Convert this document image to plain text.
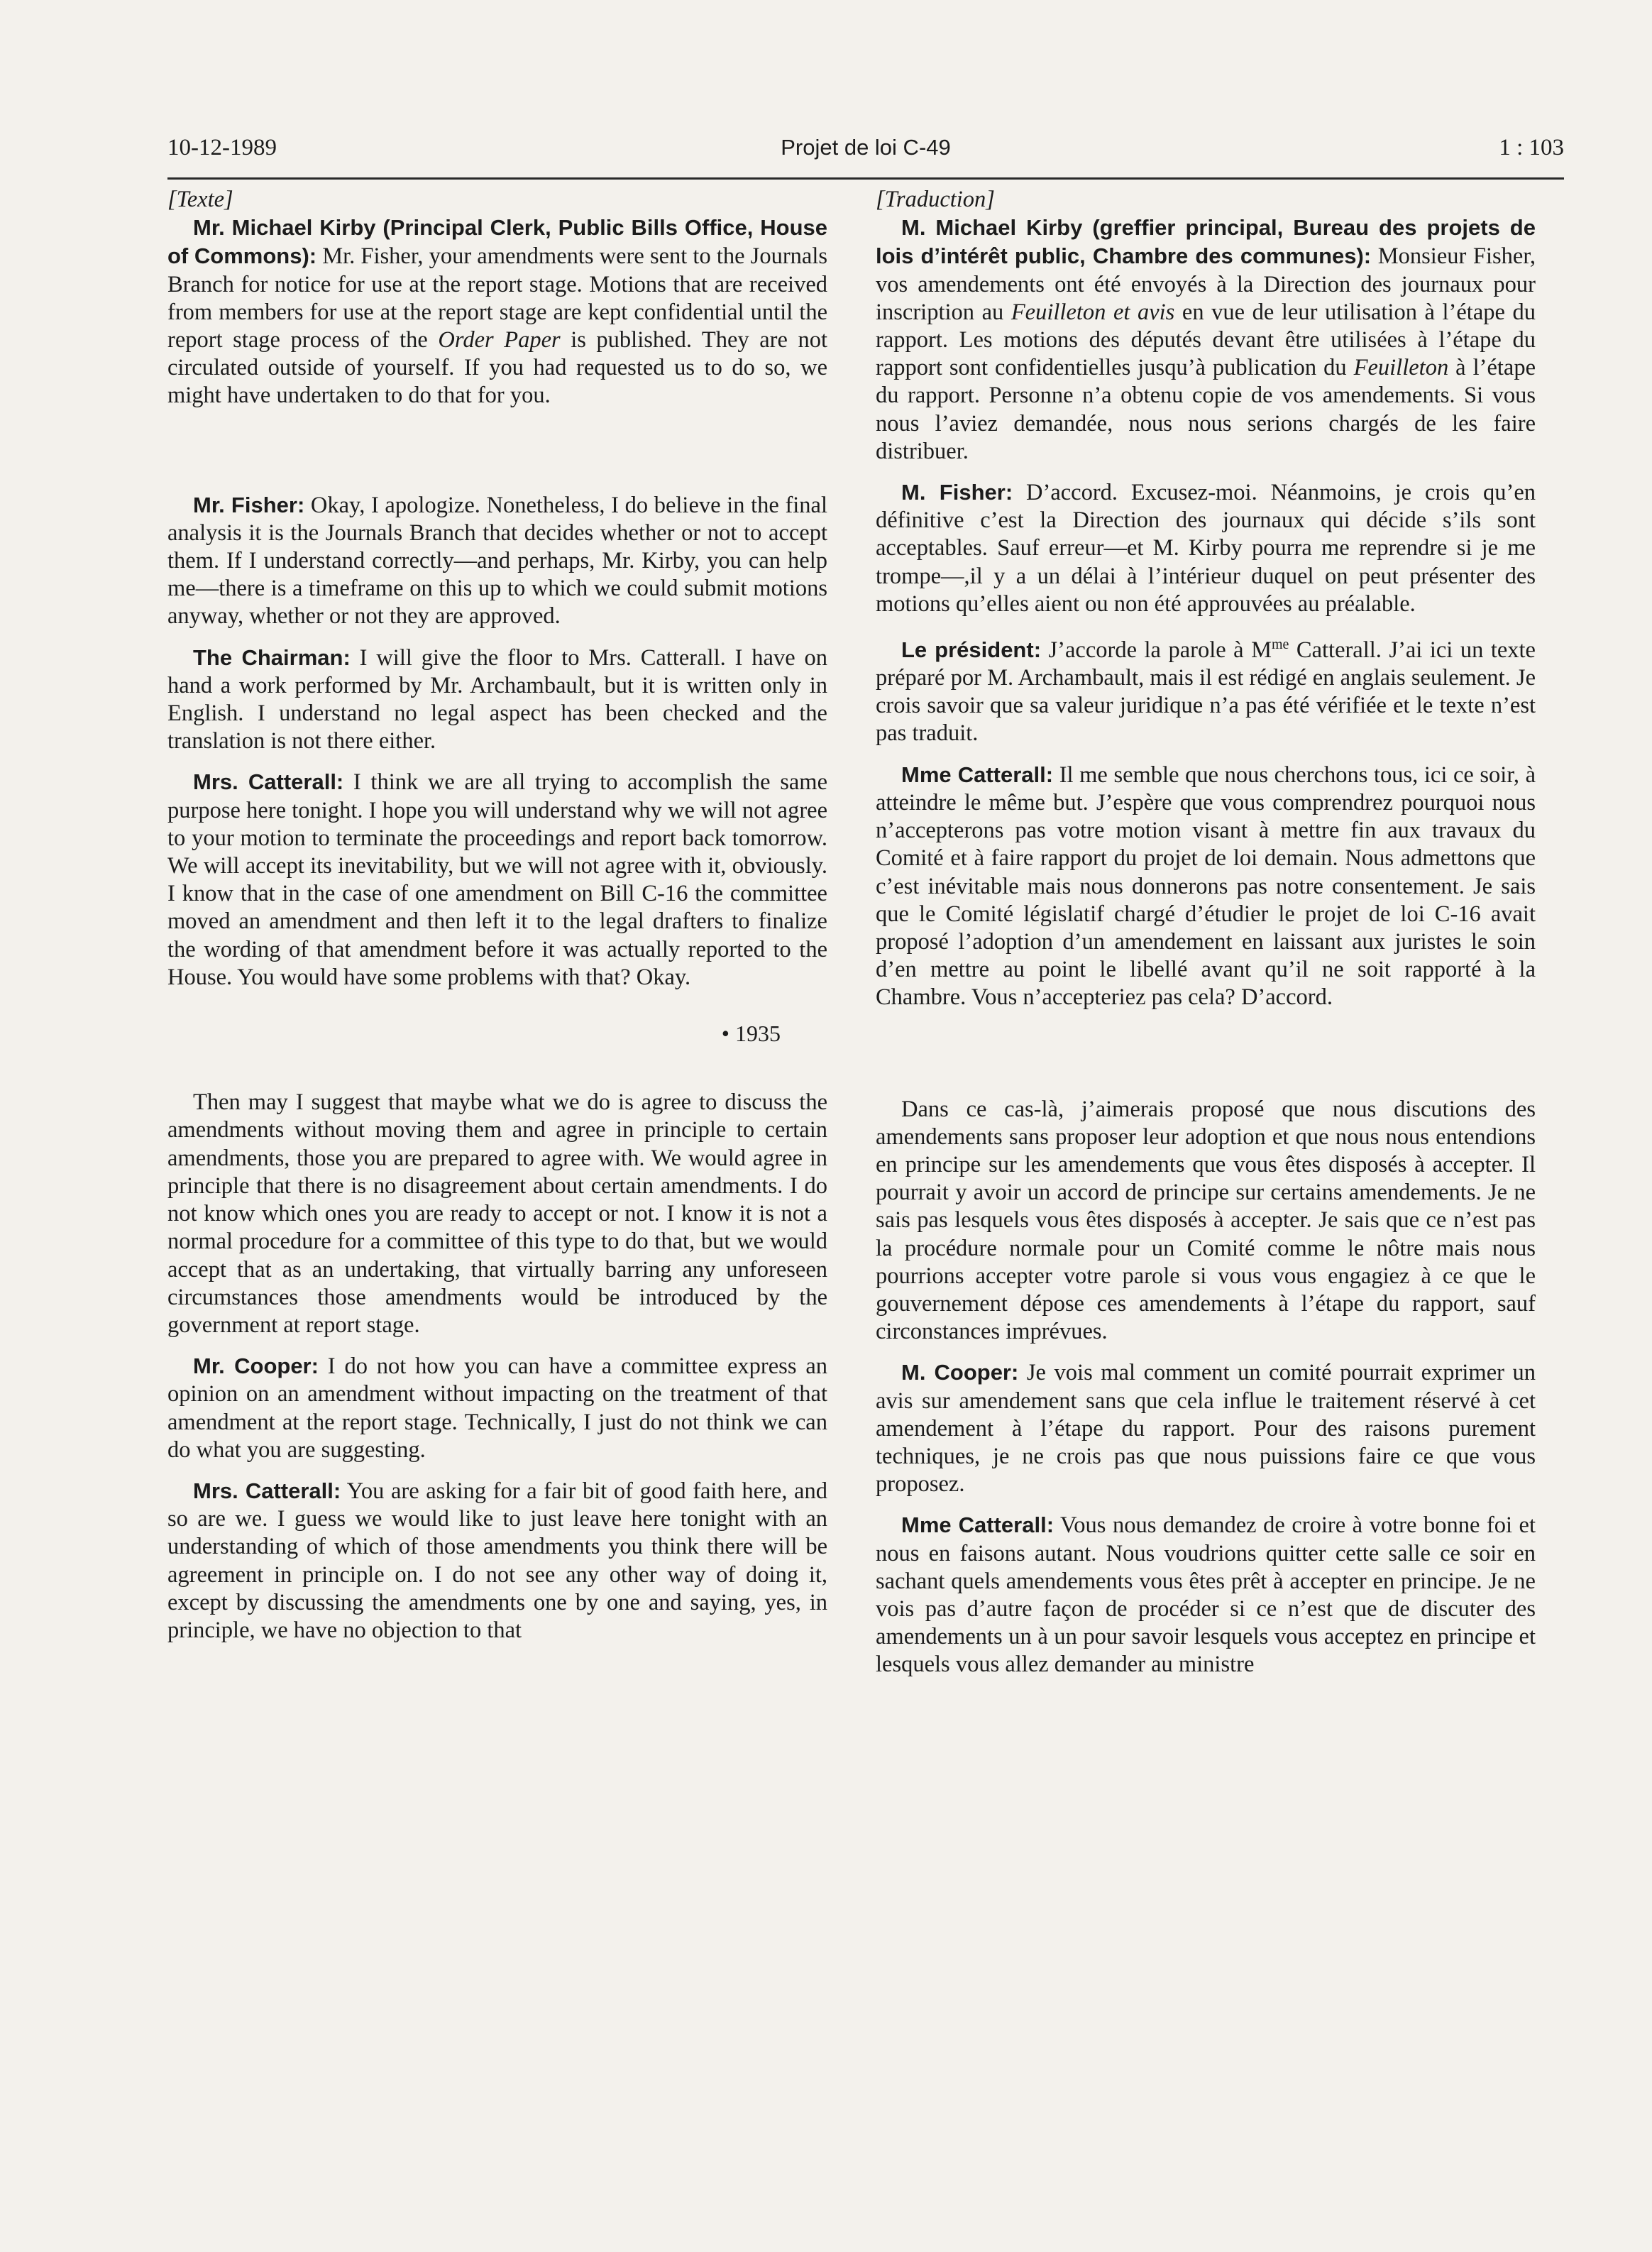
10-12-1989	Projet de loi C-49	1 : 103

[Texte]

Mr. Michael Kirby (Principal Clerk, Public Bills Office, House of Commons): Mr. Fisher, your amendments were sent to the Journals Branch for notice for use at the report stage. Motions that are received from members for use at the report stage are kept confidential until the report stage process of the Order Paper is published. They are not circulated outside of yourself. If you had requested us to do so, we might have undertaken to do that for you.

Mr. Fisher: Okay, I apologize. Nonetheless, I do believe in the final analysis it is the Journals Branch that decides whether or not to accept them. If I understand correctly—and perhaps, Mr. Kirby, you can help me—there is a timeframe on this up to which we could submit motions anyway, whether or not they are approved.

The Chairman: I will give the floor to Mrs. Catterall. I have on hand a work performed by Mr. Archambault, but it is written only in English. I understand no legal aspect has been checked and the translation is not there either.

Mrs. Catterall: I think we are all trying to accomplish the same purpose here tonight. I hope you will understand why we will not agree to your motion to terminate the proceedings and report back tomorrow. We will accept its inevitability, but we will not agree with it, obviously. I know that in the case of one amendment on Bill C-16 the committee moved an amendment and then left it to the legal drafters to finalize the wording of that amendment before it was actually reported to the House. You would have some problems with that? Okay.

• 1935

Then may I suggest that maybe what we do is agree to discuss the amendments without moving them and agree in principle to certain amendments, those you are prepared to agree with. We would agree in principle that there is no disagreement about certain amendments. I do not know which ones you are ready to accept or not. I know it is not a normal procedure for a committee of this type to do that, but we would accept that as an undertaking, that virtually barring any unforeseen circumstances those amendments would be introduced by the government at report stage.

Mr. Cooper: I do not how you can have a committee express an opinion on an amendment without impacting on the treatment of that amendment at the report stage. Technically, I just do not think we can do what you are suggesting.

Mrs. Catterall: You are asking for a fair bit of good faith here, and so are we. I guess we would like to just leave here tonight with an understanding of which of those amendments you think there will be agreement in principle on. I do not see any other way of doing it, except by discussing the amendments one by one and saying, yes, in principle, we have no objection to that

[Traduction]

M. Michael Kirby (greffier principal, Bureau des projets de lois d’intérêt public, Chambre des communes): Monsieur Fisher, vos amendements ont été envoyés à la Direction des journaux pour inscription au Feuilleton et avis en vue de leur utilisation à l’étape du rapport. Les motions des députés devant être utilisées à l’étape du rapport sont confidentielles jusqu’à publication du Feuilleton à l’étape du rapport. Personne n’a obtenu copie de vos amendements. Si vous nous l’aviez demandée, nous nous serions chargés de les faire distribuer.

M. Fisher: D’accord. Excusez-moi. Néanmoins, je crois qu’en définitive c’est la Direction des journaux qui décide s’ils sont acceptables. Sauf erreur—et M. Kirby pourra me reprendre si je me trompe—,il y a un délai à l’intérieur duquel on peut présenter des motions qu’elles aient ou non été approuvées au préalable.

Le président: J’accorde la parole à $M^{me}$ Catterall. J’ai ici un texte préparé por M. Archambault, mais il est rédigé en anglais seulement. Je crois savoir que sa valeur juridique n’a pas été vérifiée et le texte n’est pas traduit.

Mme Catterall: Il me semble que nous cherchons tous, ici ce soir, à atteindre le même but. J’espère que vous comprendrez pourquoi nous n’accepterons pas votre motion visant à mettre fin aux travaux du Comité et à faire rapport du projet de loi demain. Nous admettons que c’est inévitable mais nous donnerons pas notre consentement. Je sais que le Comité législatif chargé d’étudier le projet de loi C-16 avait proposé l’adoption d’un amendement en laissant aux juristes le soin d’en mettre au point le libellé avant qu’il ne soit rapporté à la Chambre. Vous n’accepteriez pas cela? D’accord.

Dans ce cas-là, j’aimerais proposé que nous discutions des amendements sans proposer leur adoption et que nous nous entendions en principe sur les amendements que vous êtes disposés à accepter. Il pourrait y avoir un accord de principe sur certains amendements. Je ne sais pas lesquels vous êtes disposés à accepter. Je sais que ce n’est pas la procédure normale pour un Comité comme le nôtre mais nous pourrions accepter votre parole si vous vous engagiez à ce que le gouvernement dépose ces amendements à l’étape du rapport, sauf circonstances imprévues.

M. Cooper: Je vois mal comment un comité pourrait exprimer un avis sur amendement sans que cela influe le traitement réservé à cet amendement à l’étape du rapport. Pour des raisons purement techniques, je ne crois pas que nous puissions faire ce que vous proposez.

Mme Catterall: Vous nous demandez de croire à votre bonne foi et nous en faisons autant. Nous voudrions quitter cette salle ce soir en sachant quels amendements vous êtes prêt à accepter en principe. Je ne vois pas d’autre façon de procéder si ce n’est que de discuter des amendements un à un pour savoir lesquels vous acceptez en principe et lesquels vous allez demander au ministre
